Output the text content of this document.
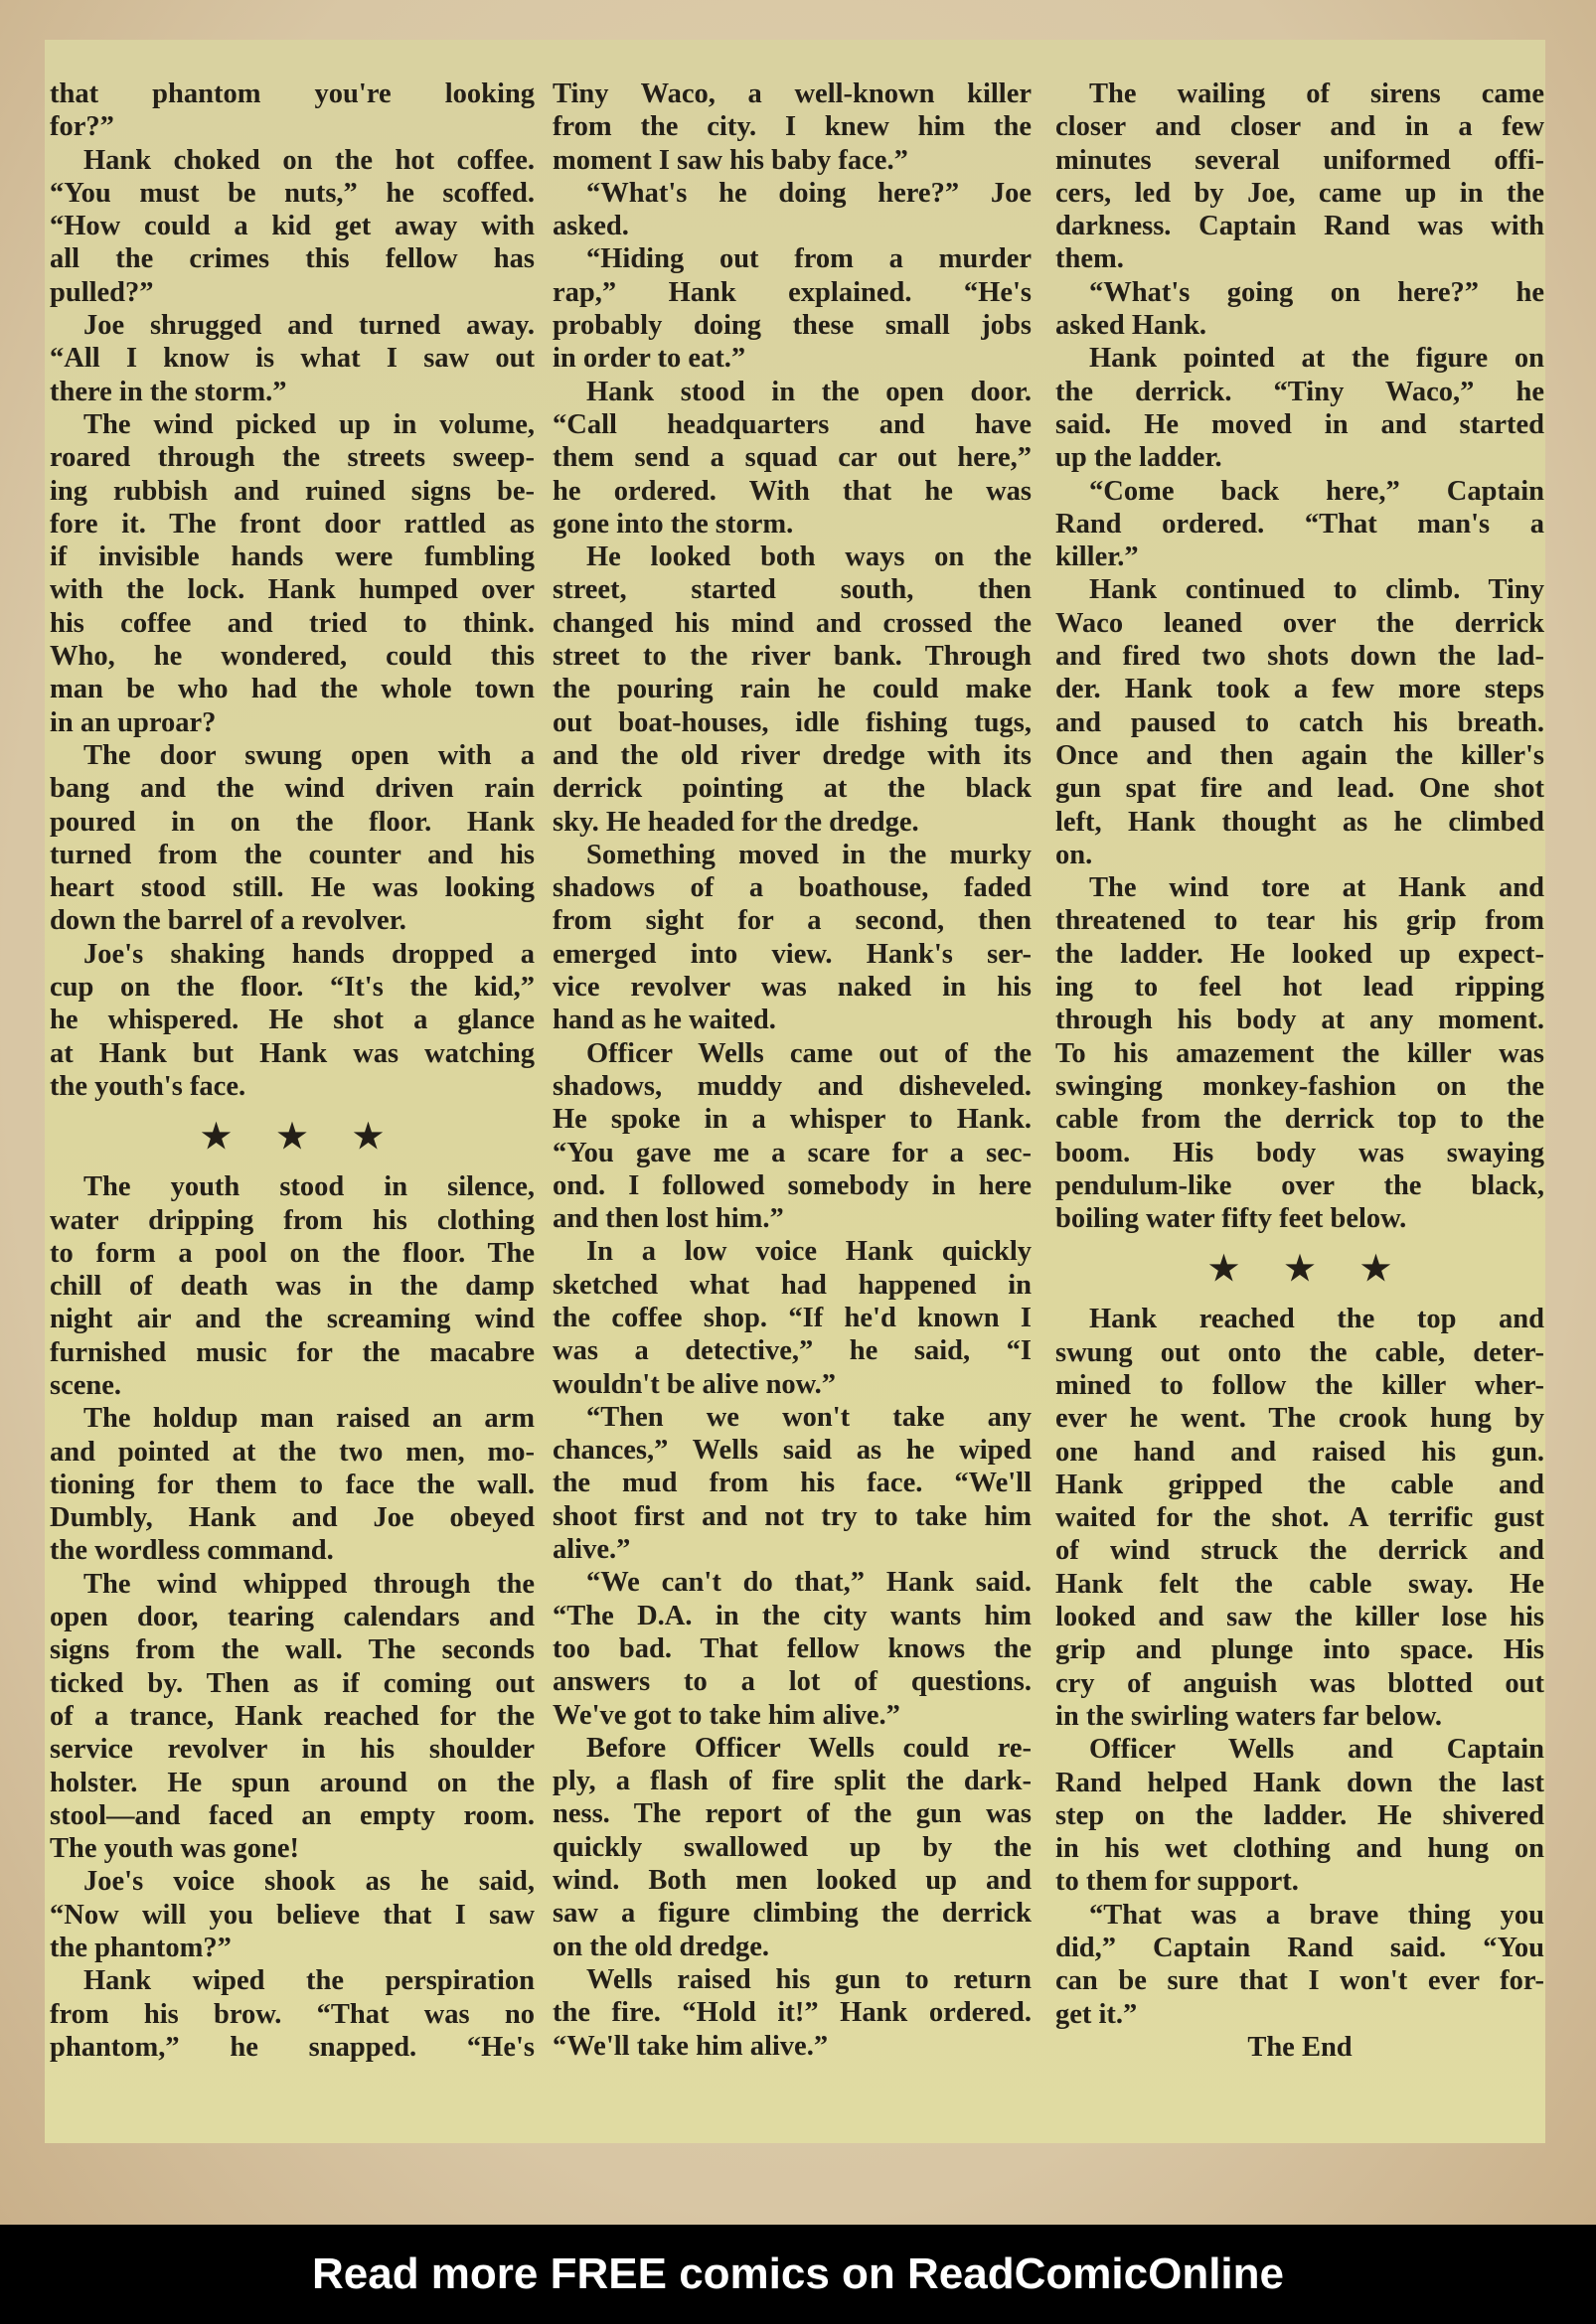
that phantom you're looking
for?”
Hank choked on the hot coffee.
“You must be nuts,” he scoffed.
“How could a kid get away with
all the crimes this fellow has
pulled?”
Joe shrugged and turned away.
“All I know is what I saw out
there in the storm.”
The wind picked up in volume,
roared through the streets sweep-
ing rubbish and ruined signs be-
fore it. The front door rattled as
if invisible hands were fumbling
with the lock. Hank humped over
his coffee and tried to think.
Who, he wondered, could this
man be who had the whole town
in an uproar?
The door swung open with a
bang and the wind driven rain
poured in on the floor. Hank
turned from the counter and his
heart stood still. He was looking
down the barrel of a revolver.
Joe's shaking hands dropped a
cup on the floor. “It's the kid,”
he whispered. He shot a glance
at Hank but Hank was watching
the youth's face.
★ ★ ★
The youth stood in silence,
water dripping from his clothing
to form a pool on the floor. The
chill of death was in the damp
night air and the screaming wind
furnished music for the macabre
scene.
The holdup man raised an arm
and pointed at the two men, mo-
tioning for them to face the wall.
Dumbly, Hank and Joe obeyed
the wordless command.
The wind whipped through the
open door, tearing calendars and
signs from the wall. The seconds
ticked by. Then as if coming out
of a trance, Hank reached for the
service revolver in his shoulder
holster. He spun around on the
stool—and faced an empty room.
The youth was gone!
Joe's voice shook as he said,
“Now will you believe that I saw
the phantom?”
Hank wiped the perspiration
from his brow. “That was no
phantom,” he snapped. “He's
Tiny Waco, a well-known killer
from the city. I knew him the
moment I saw his baby face.”
“What's he doing here?” Joe
asked.
“Hiding out from a murder
rap,” Hank explained. “He's
probably doing these small jobs
in order to eat.”
Hank stood in the open door.
“Call headquarters and have
them send a squad car out here,”
he ordered. With that he was
gone into the storm.
He looked both ways on the
street, started south, then
changed his mind and crossed the
street to the river bank. Through
the pouring rain he could make
out boat-houses, idle fishing tugs,
and the old river dredge with its
derrick pointing at the black
sky. He headed for the dredge.
Something moved in the murky
shadows of a boathouse, faded
from sight for a second, then
emerged into view. Hank's ser-
vice revolver was naked in his
hand as he waited.
Officer Wells came out of the
shadows, muddy and disheveled.
He spoke in a whisper to Hank.
“You gave me a scare for a sec-
ond. I followed somebody in here
and then lost him.”
In a low voice Hank quickly
sketched what had happened in
the coffee shop. “If he'd known I
was a detective,” he said, “I
wouldn't be alive now.”
“Then we won't take any
chances,” Wells said as he wiped
the mud from his face. “We'll
shoot first and not try to take him
alive.”
“We can't do that,” Hank said.
“The D.A. in the city wants him
too bad. That fellow knows the
answers to a lot of questions.
We've got to take him alive.”
Before Officer Wells could re-
ply, a flash of fire split the dark-
ness. The report of the gun was
quickly swallowed up by the
wind. Both men looked up and
saw a figure climbing the derrick
on the old dredge.
Wells raised his gun to return
the fire. “Hold it!” Hank ordered.
“We'll take him alive.”
The wailing of sirens came
closer and closer and in a few
minutes several uniformed offi-
cers, led by Joe, came up in the
darkness. Captain Rand was with
them.
“What's going on here?” he
asked Hank.
Hank pointed at the figure on
the derrick. “Tiny Waco,” he
said. He moved in and started
up the ladder.
“Come back here,” Captain
Rand ordered. “That man's a
killer.”
Hank continued to climb. Tiny
Waco leaned over the derrick
and fired two shots down the lad-
der. Hank took a few more steps
and paused to catch his breath.
Once and then again the killer's
gun spat fire and lead. One shot
left, Hank thought as he climbed
on.
The wind tore at Hank and
threatened to tear his grip from
the ladder. He looked up expect-
ing to feel hot lead ripping
through his body at any moment.
To his amazement the killer was
swinging monkey-fashion on the
cable from the derrick top to the
boom. His body was swaying
pendulum-like over the black,
boiling water fifty feet below.
★ ★ ★
Hank reached the top and
swung out onto the cable, deter-
mined to follow the killer wher-
ever he went. The crook hung by
one hand and raised his gun.
Hank gripped the cable and
waited for the shot. A terrific gust
of wind struck the derrick and
Hank felt the cable sway. He
looked and saw the killer lose his
grip and plunge into space. His
cry of anguish was blotted out
in the swirling waters far below.
Officer Wells and Captain
Rand helped Hank down the last
step on the ladder. He shivered
in his wet clothing and hung on
to them for support.
“That was a brave thing you
did,” Captain Rand said. “You
can be sure that I won't ever for-
get it.”
The End
Read more FREE comics on ReadComicOnline
